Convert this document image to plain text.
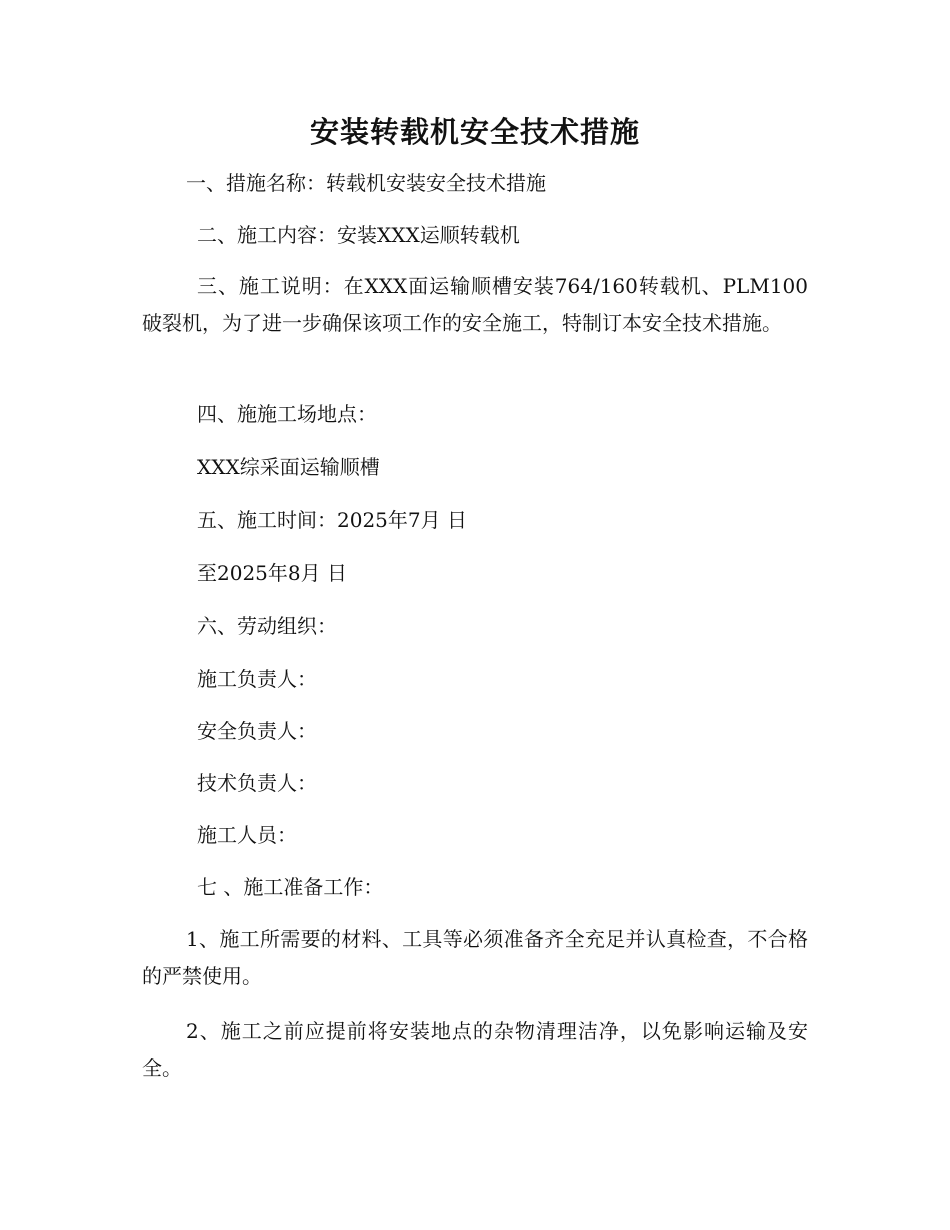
安装转载机安全技术措施
一、措施名称：转载机安装安全技术措施
二、施工内容：安装XXX运顺转载机
三、施工说明：在XXX面运输顺槽安装764/160转载机、PLM100破裂机，为了进一步确保该项工作的安全施工，特制订本安全技术措施。
四、施施工场地点：
XXX综采面运输顺槽
五、施工时间：2025年7月 日
至2025年8月 日
六、劳动组织：
施工负责人：
安全负责人：
技术负责人：
施工人员：
七 、施工准备工作：
1、施工所需要的材料、工具等必须准备齐全充足并认真检查，不合格的严禁使用。
2、施工之前应提前将安装地点的杂物清理洁净，以免影响运输及安全。
